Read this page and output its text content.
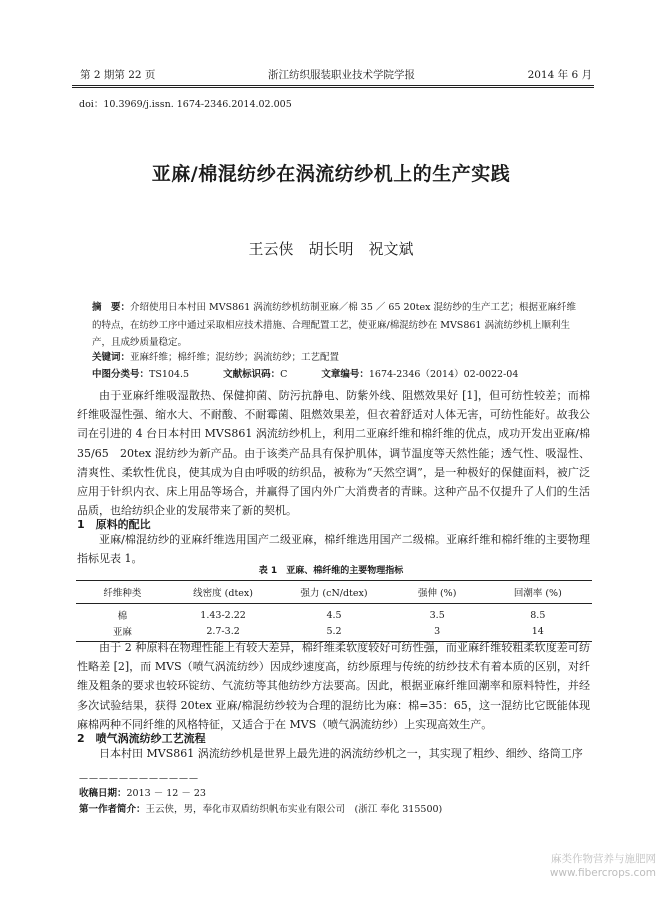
第 2 期第 22 页	浙江纺织服装职业技术学院学报	2014 年 6 月
doi：10.3969/j.issn. 1674-2346.2014.02.005
亚麻/棉混纺纱在涡流纺纱机上的生产实践
王云侠　胡长明　祝文斌
摘　要：介绍使用日本村田 MVS861 涡流纺纱机纺制亚麻／棉 35 ／ 65 20tex 混纺纱的生产工艺；根据亚麻纤维的特点，在纺纱工序中通过采取相应技术措施、合理配置工艺，使亚麻/棉混纺纱在 MVS861 涡流纺纱机上顺利生产，且成纱质量稳定。
关键词：亚麻纤维；棉纤维；混纺纱；涡流纺纱；工艺配置
中图分类号：TS104.5	文献标识码：C	文章编号：1674-2346（2014）02-0022-04

由于亚麻纤维吸湿散热、保健抑菌、防污抗静电、防紫外线、阻燃效果好 [1]，但可纺性较差；而棉纤维吸湿性强、缩水大、不耐酸、不耐霉菌、阻燃效果差，但衣着舒适对人体无害，可纺性能好。故我公司在引进的 4 台日本村田 MVS861 涡流纺纱机上，利用二亚麻纤维和棉纤维的优点，成功开发出亚麻/棉 35/65　20tex 混纺纱为新产品。由于该类产品具有保护肌体，调节温度等天然性能；透气性、吸湿性、清爽性、柔软性优良，使其成为自由呼吸的纺织品，被称为“天然空调”，是一种极好的保健面料，被广泛应用于针织内衣、床上用品等场合，并赢得了国内外广大消费者的青睐。这种产品不仅提升了人们的生活品质，也给纺织企业的发展带来了新的契机。

1　原料的配比

亚麻/棉混纺纱的亚麻纤维选用国产二级亚麻，棉纤维选用国产二级棉。亚麻纤维和棉纤维的主要物理指标见表 1。

表 1　亚麻、棉纤维的主要物理指标
纤维种类	线密度 (dtex)	强力 (cN/dtex)	强伸 (%)	回潮率 (%)
棉	1.43-2.22	4.5	3.5	8.5
亚麻	2.7-3.2	5.2	3	14

由于 2 种原料在物理性能上有较大差异，棉纤维柔软度较好可纺性强，而亚麻纤维较粗柔软度差可纺性略差 [2]，而 MVS（喷气涡流纺纱）因成纱速度高，纺纱原理与传统的纺纱技术有着本质的区别，对纤维及粗条的要求也较环锭纺、气流纺等其他纺纱方法要高。因此，根据亚麻纤维回潮率和原料特性，并经多次试验结果，获得 20tex 亚麻/棉混纺纱较为合理的混纺比为麻：棉=35：65，这一混纺比它既能体现麻棉两种不同纤维的风格特征，又适合于在 MVS（喷气涡流纺纱）上实现高效生产。

2　喷气涡流纺纱工艺流程

日本村田 MVS861 涡流纺纱机是世界上最先进的涡流纺纱机之一，其实现了粗纱、细纱、络筒工序

————————————
收稿日期：2013 － 12 － 23
第一作者简介：王云侠，男，奉化市双盾纺织帆布实业有限公司　(浙江 奉化 315500)
麻类作物营养与施肥网
www.fibercrops.com
